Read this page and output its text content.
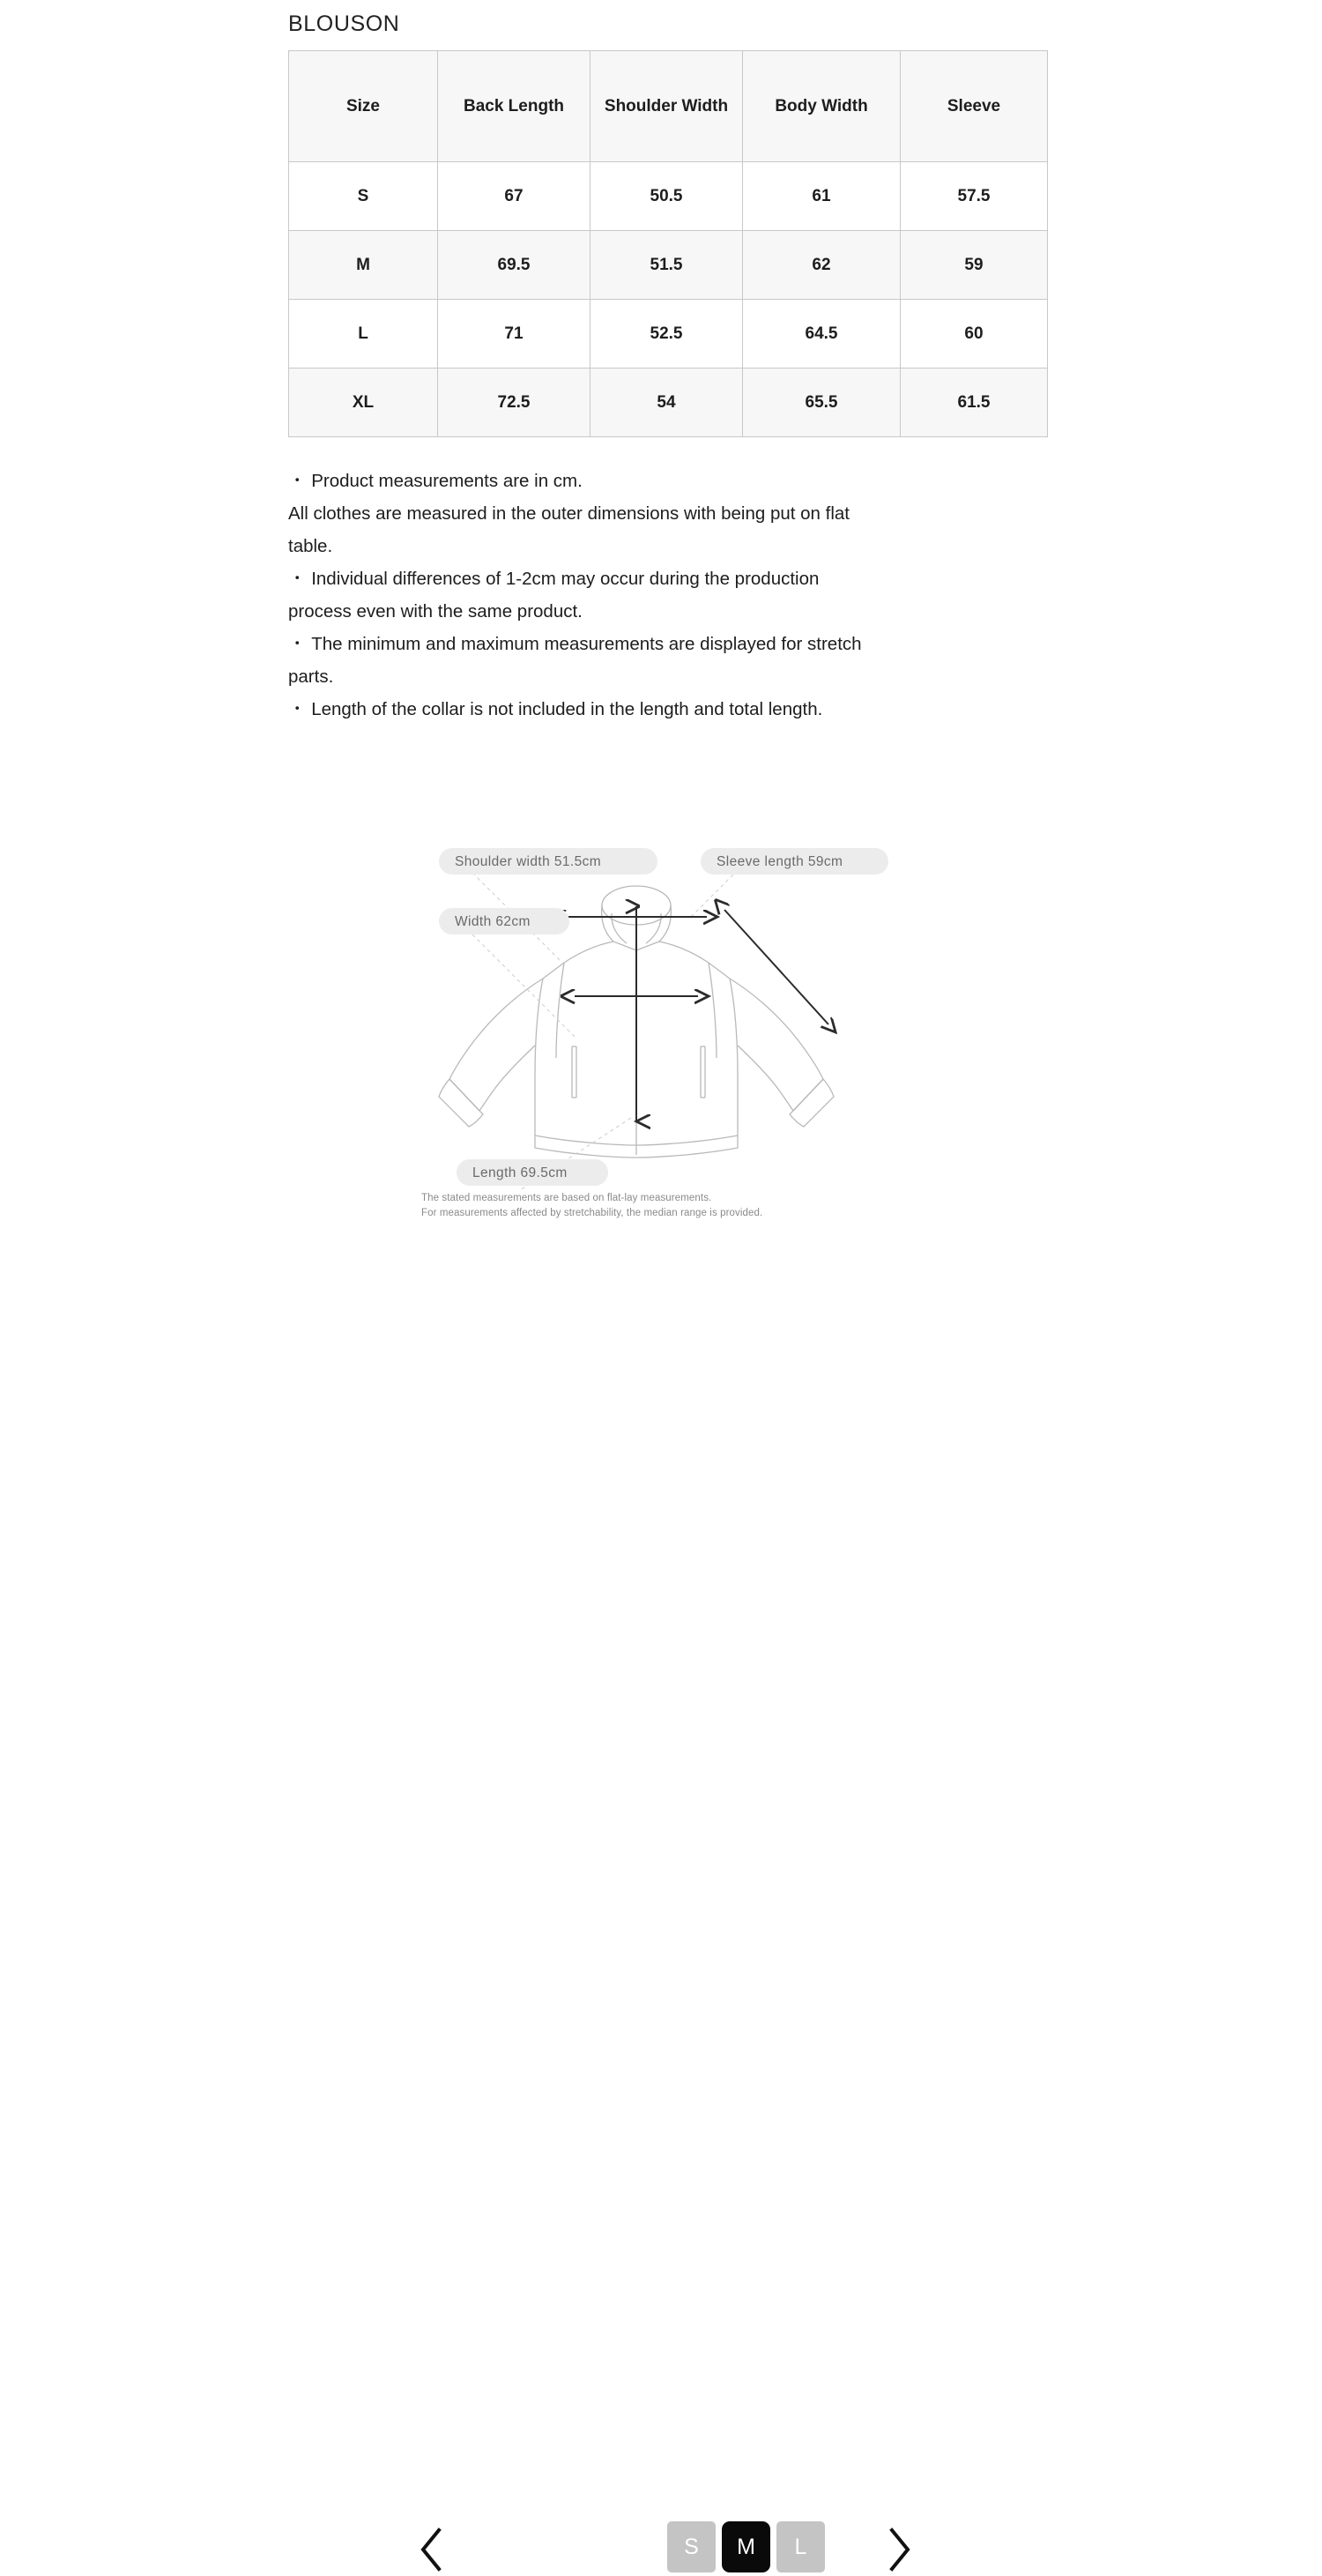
BLOUSON
Size	Back Length	Shoulder Width	Body Width	Sleeve
S	67	50.5	61	57.5
M	69.5	51.5	62	59
L	71	52.5	64.5	60
XL	72.5	54	65.5	61.5
・ Product measurements are in cm.
All clothes are measured in the outer dimensions with being put on flat
table.
・ Individual differences of 1-2cm may occur during the production
process even with the same product.
・ The minimum and maximum measurements are displayed for stretch
parts.
・ Length of the collar is not included in the length and total length.
Shoulder width 51.5cm	Sleeve length 59cm
Width 62cm
Length 69.5cm
The stated measurements are based on flat-lay measurements.
For measurements affected by stretchability, the median range is provided.
S	M	L
